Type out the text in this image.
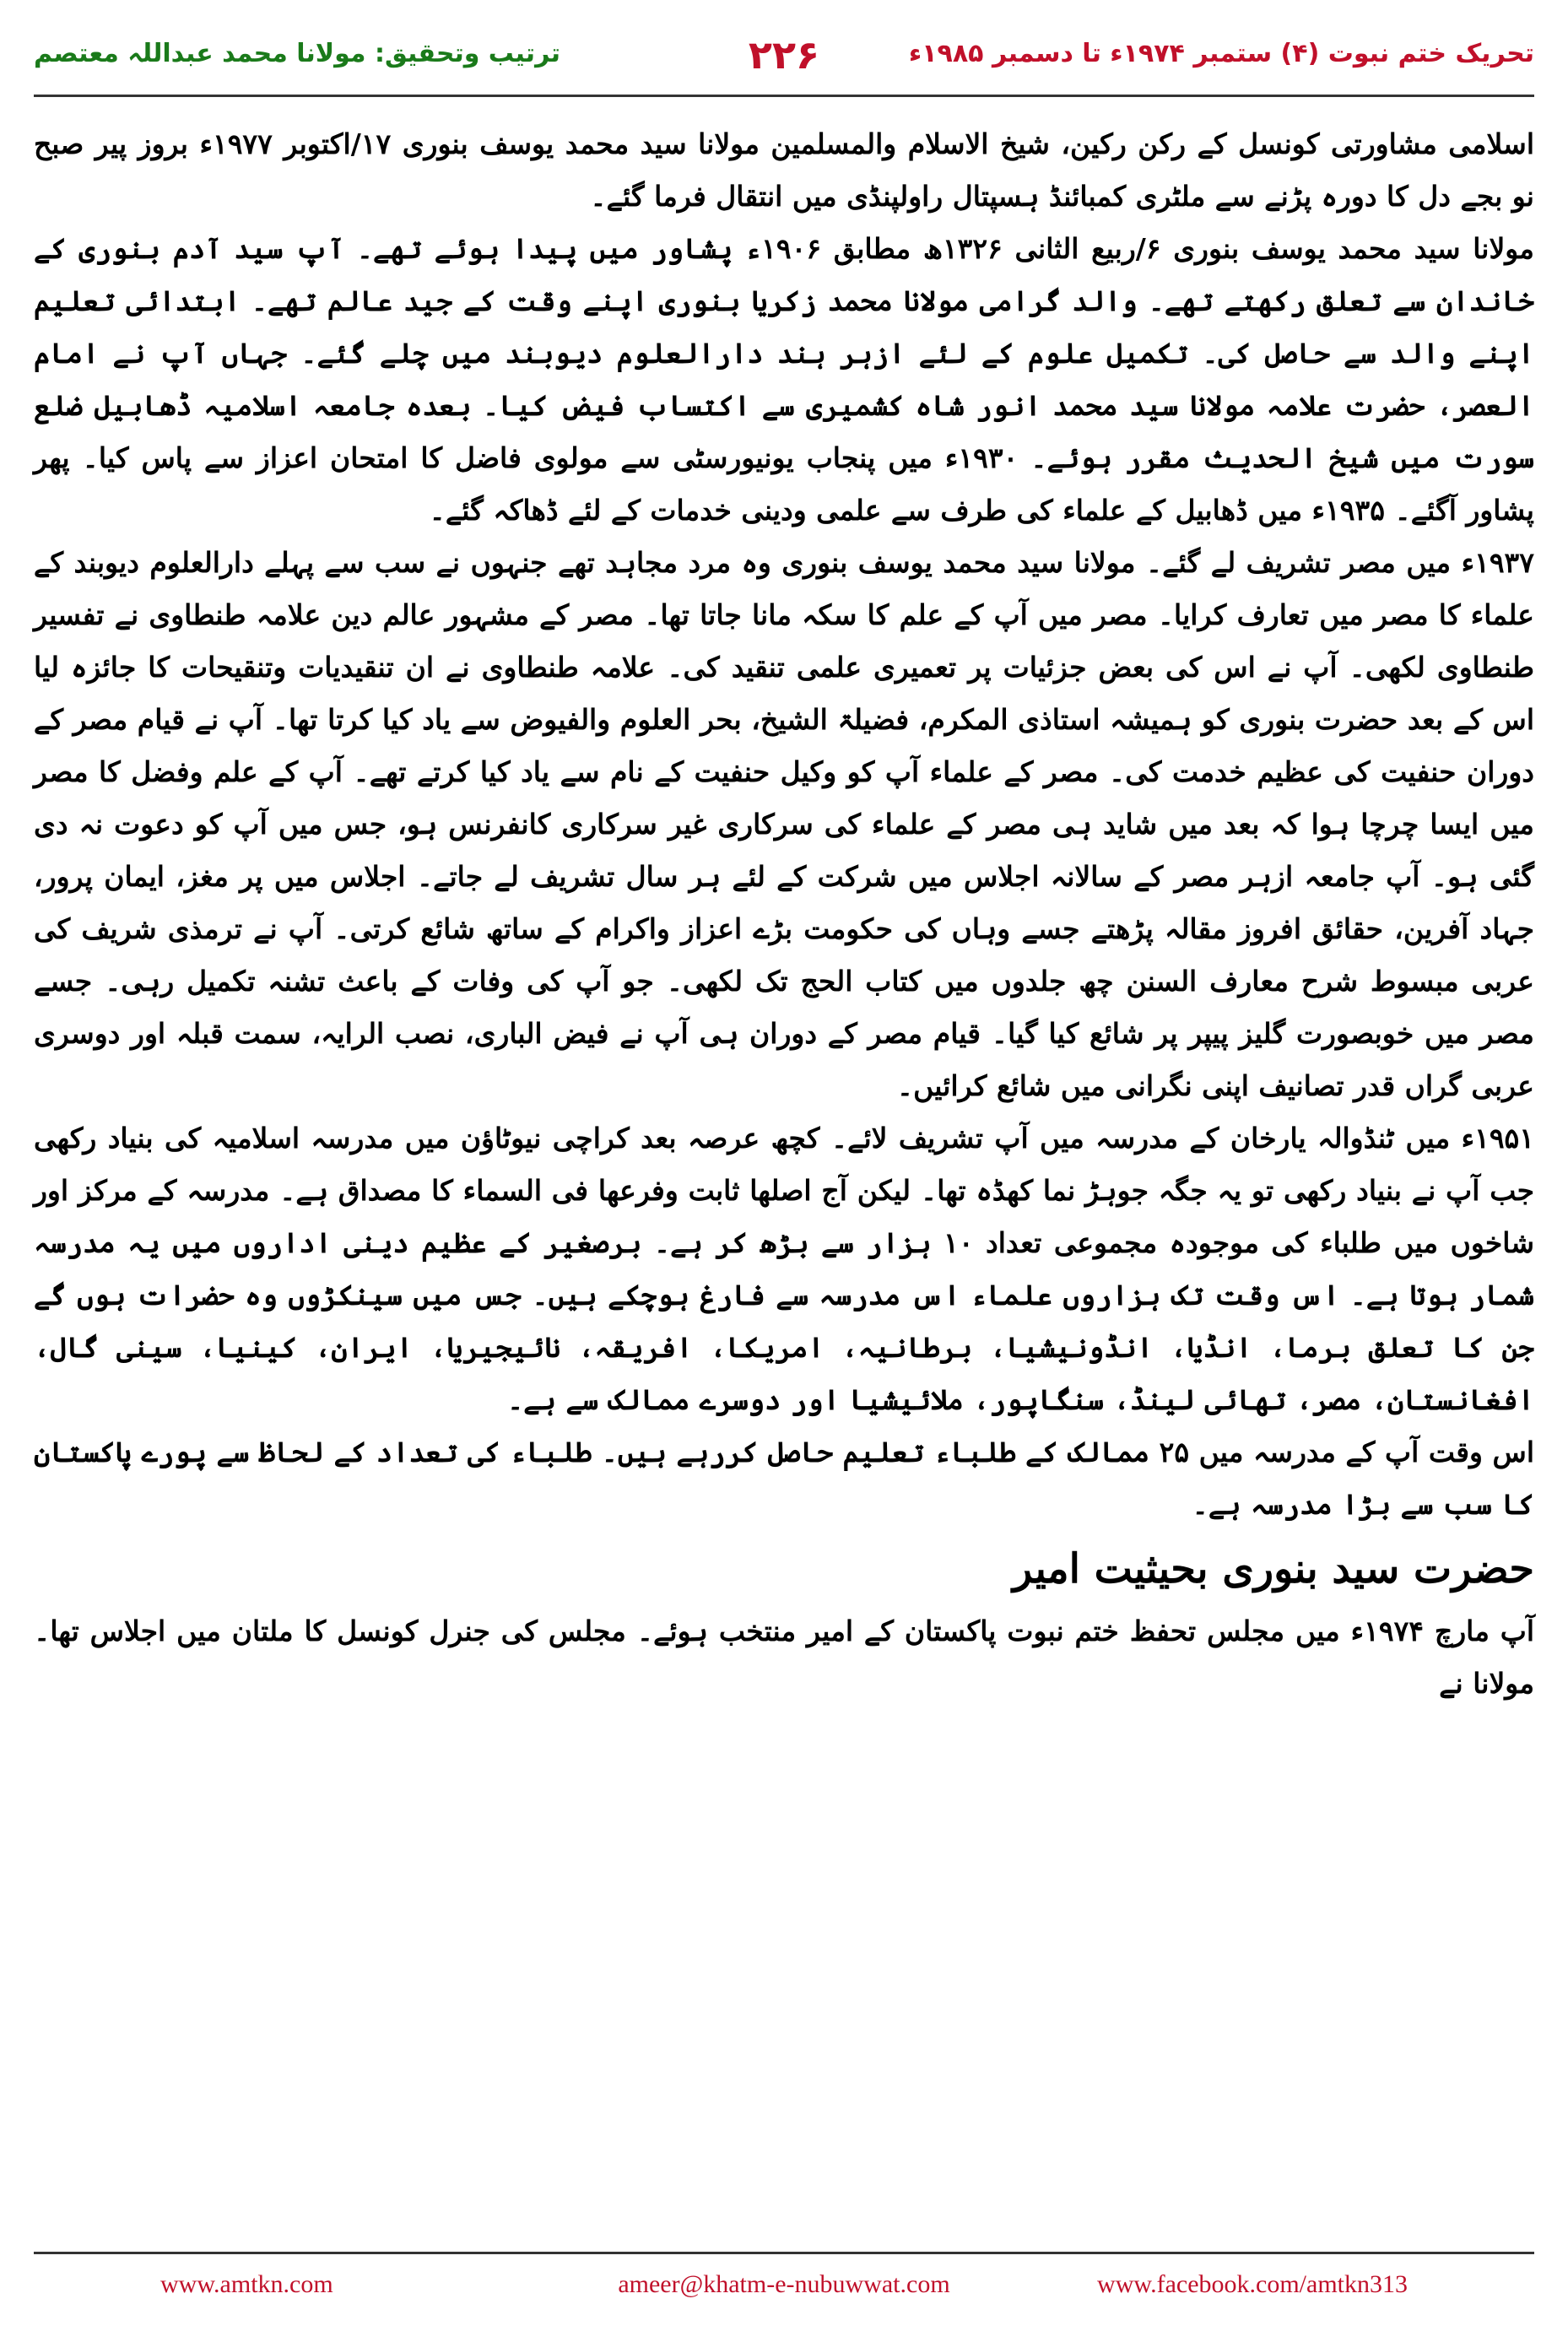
ترتیب وتحقیق: مولانا محمد عبداللہ معتصم	۲۲۶	تحریک ختم نبوت (۴) ستمبر ۱۹۷۴ء تا دسمبر ۱۹۸۵ء

اسلامی مشاورتی کونسل کے رکن رکین، شیخ الاسلام والمسلمین مولانا سید محمد یوسف بنوری ۱۷/اکتوبر ۱۹۷۷ء بروز پیر صبح نو بجے دل کا دورہ پڑنے سے ملٹری کمبائنڈ ہسپتال راولپنڈی میں انتقال فرما گئے۔

مولانا سید محمد یوسف بنوری ۶/ربیع الثانی ۱۳۲۶ھ مطابق ۱۹۰۶ء پشاور میں پیدا ہوئے تھے۔ آپ سید آدم بنوری کے خاندان سے تعلق رکھتے تھے۔ والد گرامی مولانا محمد زکریا بنوری اپنے وقت کے جید عالم تھے۔ ابتدائی تعلیم اپنے والد سے حاصل کی۔ تکمیل علوم کے لئے ازہر ہند دارالعلوم دیوبند میں چلے گئے۔ جہاں آپ نے امام العصر، حضرت علامہ مولانا سید محمد انور شاہ کشمیری سے اکتساب فیض کیا۔ بعدہ جامعہ اسلامیہ ڈھابیل ضلع سورت میں شیخ الحدیث مقرر ہوئے۔ ۱۹۳۰ء میں پنجاب یونیورسٹی سے مولوی فاضل کا امتحان اعزاز سے پاس کیا۔ پھر پشاور آگئے۔ ۱۹۳۵ء میں ڈھابیل کے علماء کی طرف سے علمی ودینی خدمات کے لئے ڈھاکہ گئے۔

۱۹۳۷ء میں مصر تشریف لے گئے۔ مولانا سید محمد یوسف بنوری وہ مرد مجاہد تھے جنہوں نے سب سے پہلے دارالعلوم دیوبند کے علماء کا مصر میں تعارف کرایا۔ مصر میں آپ کے علم کا سکہ مانا جاتا تھا۔ مصر کے مشہور عالم دین علامہ طنطاوی نے تفسیر طنطاوی لکھی۔ آپ نے اس کی بعض جزئیات پر تعمیری علمی تنقید کی۔ علامہ طنطاوی نے ان تنقیدیات وتنقیحات کا جائزہ لیا اس کے بعد حضرت بنوری کو ہمیشہ استاذی المکرم، فضیلۃ الشیخ، بحر العلوم والفیوض سے یاد کیا کرتا تھا۔ آپ نے قیام مصر کے دوران حنفیت کی عظیم خدمت کی۔ مصر کے علماء آپ کو وکیل حنفیت کے نام سے یاد کیا کرتے تھے۔ آپ کے علم وفضل کا مصر میں ایسا چرچا ہوا کہ بعد میں شاید ہی مصر کے علماء کی سرکاری غیر سرکاری کانفرنس ہو، جس میں آپ کو دعوت نہ دی گئی ہو۔ آپ جامعہ ازہر مصر کے سالانہ اجلاس میں شرکت کے لئے ہر سال تشریف لے جاتے۔ اجلاس میں پر مغز، ایمان پرور، جہاد آفرین، حقائق افروز مقالہ پڑھتے جسے وہاں کی حکومت بڑے اعزاز واکرام کے ساتھ شائع کرتی۔ آپ نے ترمذی شریف کی عربی مبسوط شرح معارف السنن چھ جلدوں میں کتاب الحج تک لکھی۔ جو آپ کی وفات کے باعث تشنہ تکمیل رہی۔ جسے مصر میں خوبصورت گلیز پیپر پر شائع کیا گیا۔ قیام مصر کے دوران ہی آپ نے فیض الباری، نصب الرایہ، سمت قبلہ اور دوسری عربی گراں قدر تصانیف اپنی نگرانی میں شائع کرائیں۔

۱۹۵۱ء میں ٹنڈوالہ یارخان کے مدرسہ میں آپ تشریف لائے۔ کچھ عرصہ بعد کراچی نیوٹاؤن میں مدرسہ اسلامیہ کی بنیاد رکھی جب آپ نے بنیاد رکھی تو یہ جگہ جوہڑ نما کھڈہ تھا۔ لیکن آج اصلھا ثابت وفرعھا فی السماء کا مصداق ہے۔ مدرسہ کے مرکز اور شاخوں میں طلباء کی موجودہ مجموعی تعداد ۱۰ ہزار سے بڑھ کر ہے۔ برصغیر کے عظیم دینی اداروں میں یہ مدرسہ شمار ہوتا ہے۔ اس وقت تک ہزاروں علماء اس مدرسہ سے فارغ ہوچکے ہیں۔ جس میں سینکڑوں وہ حضرات ہوں گے جن کا تعلق برما، انڈیا، انڈونیشیا، برطانیہ، امریکا، افریقہ، نائیجیریا، ایران، کینیا، سینی گال، افغانستان، مصر، تھائی لینڈ، سنگاپور، ملائیشیا اور دوسرے ممالک سے ہے۔

اس وقت آپ کے مدرسہ میں ۲۵ ممالک کے طلباء تعلیم حاصل کررہے ہیں۔ طلباء کی تعداد کے لحاظ سے پورے پاکستان کا سب سے بڑا مدرسہ ہے۔

حضرت سید بنوری بحیثیت امیر

آپ مارچ ۱۹۷۴ء میں مجلس تحفظ ختم نبوت پاکستان کے امیر منتخب ہوئے۔ مجلس کی جنرل کونسل کا ملتان میں اجلاس تھا۔ مولانا نے

www.amtkn.com	ameer@khatm-e-nubuwwat.com	www.facebook.com/amtkn313
